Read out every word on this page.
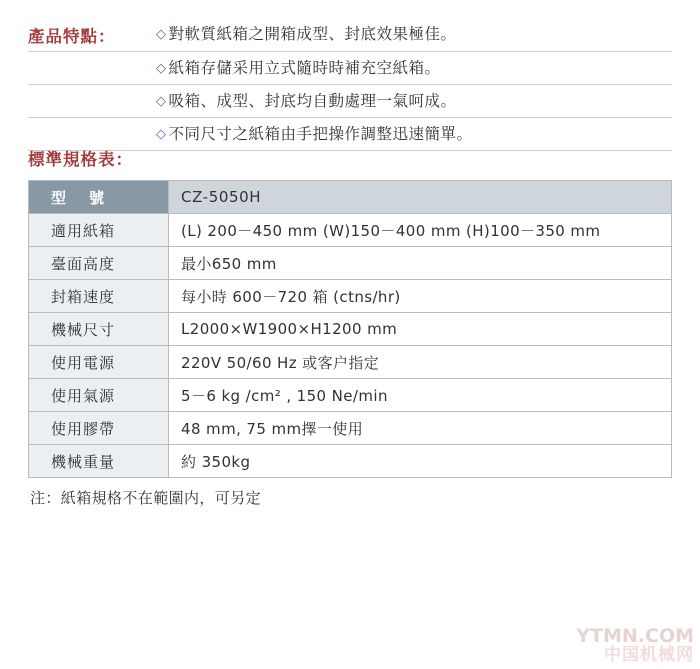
產品特點：	◇ 對軟質紙箱之開箱成型、封底效果極佳。
◇ 紙箱存儲采用立式隨時時補充空紙箱。
◇ 吸箱、成型、封底均自動處理一氣呵成。
◇ 不同尺寸之紙箱由手把操作調整迅速簡單。
標準規格表：
型　號	CZ-5050H
適用紙箱	(L) 200－450 mm (W)150－400 mm (H)100－350 mm
臺面高度	最小650 mm
封箱速度	每小時 600－720 箱 (ctns/hr)
機械尺寸	L2000×W1900×H1200 mm
使用電源	220V 50/60 Hz 或客户指定
使用氣源	5－6 kg /cm² , 150 Ne/min
使用膠帶	48 mm, 75 mm擇一使用
機械重量	約 350kg
注：紙箱規格不在範圍内，可另定
YTMN.COM
中国机械网
